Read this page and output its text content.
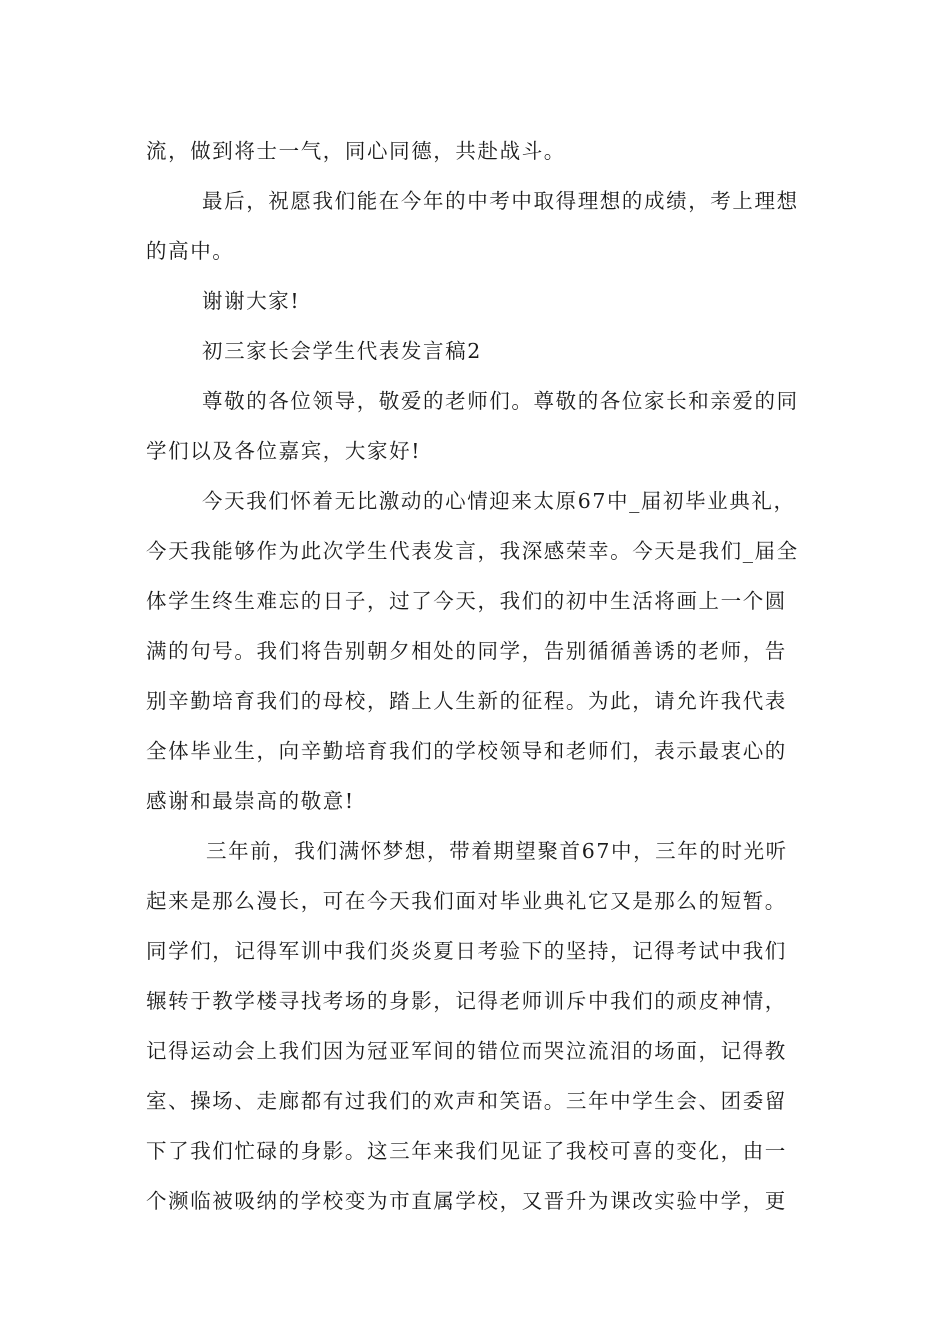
流，做到将士一气，同心同德，共赴战斗。
最后，祝愿我们能在今年的中考中取得理想的成绩，考上理想
的高中。
谢谢大家!
初三家长会学生代表发言稿2
尊敬的各位领导，敬爱的老师们。尊敬的各位家长和亲爱的同
学们以及各位嘉宾，大家好!
今天我们怀着无比激动的心情迎来太原67中_届初毕业典礼，
今天我能够作为此次学生代表发言，我深感荣幸。今天是我们_届全
体学生终生难忘的日子，过了今天，我们的初中生活将画上一个圆
满的句号。我们将告别朝夕相处的同学，告别循循善诱的老师，告
别辛勤培育我们的母校，踏上人生新的征程。为此，请允许我代表
全体毕业生，向辛勤培育我们的学校领导和老师们，表示最衷心的
感谢和最崇高的敬意!
三年前，我们满怀梦想，带着期望聚首67中，三年的时光听
起来是那么漫长，可在今天我们面对毕业典礼它又是那么的短暂。
同学们，记得军训中我们炎炎夏日考验下的坚持，记得考试中我们
辗转于教学楼寻找考场的身影，记得老师训斥中我们的顽皮神情，
记得运动会上我们因为冠亚军间的错位而哭泣流泪的场面，记得教
室、操场、走廊都有过我们的欢声和笑语。三年中学生会、团委留
下了我们忙碌的身影。这三年来我们见证了我校可喜的变化，由一
个濒临被吸纳的学校变为市直属学校，又晋升为课改实验中学，更
